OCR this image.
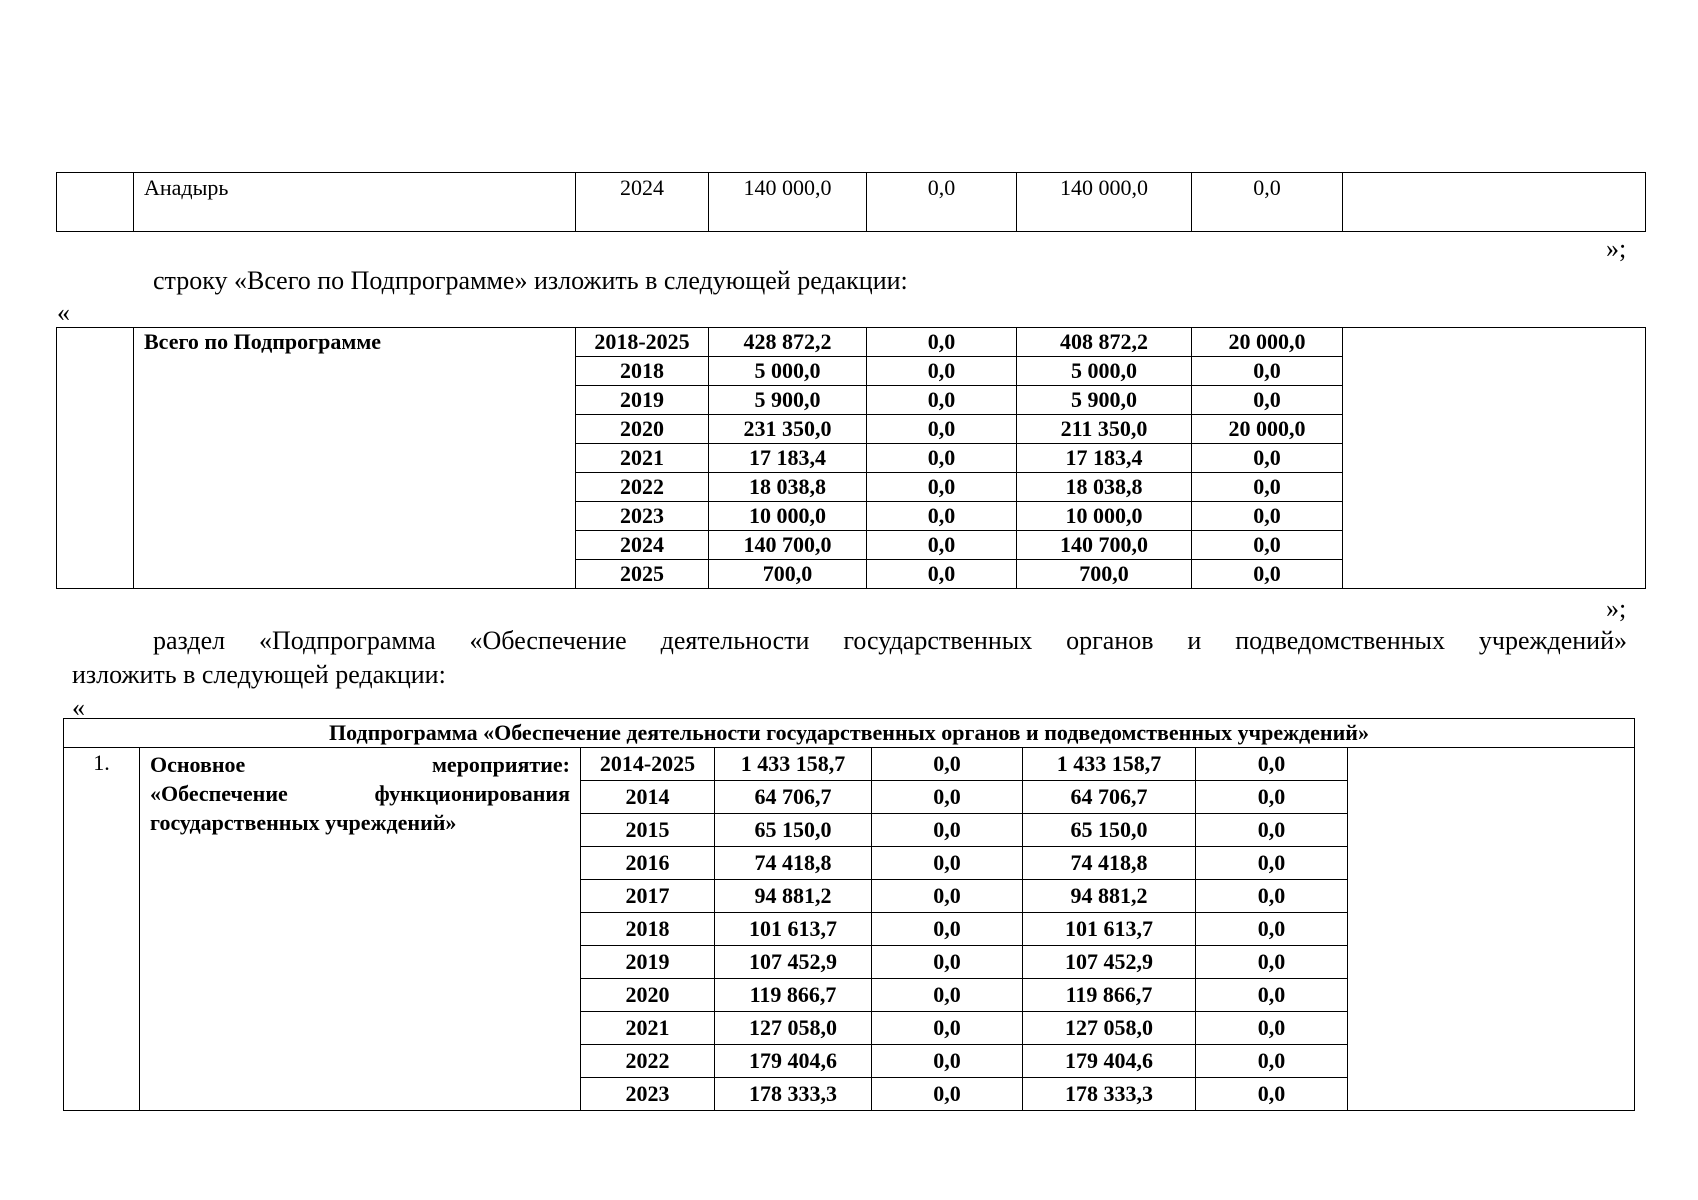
	Анадырь	2024	140 000,0	0,0	140 000,0	0,0	
»;
строку «Всего по Подпрограмме» изложить в следующей редакции:
«
	Всего по Подпрограмме	2018-2025	428 872,2	0,0	408 872,2	20 000,0	
		2018	5 000,0	0,0	5 000,0	0,0	
		2019	5 900,0	0,0	5 900,0	0,0	
		2020	231 350,0	0,0	211 350,0	20 000,0	
		2021	17 183,4	0,0	17 183,4	0,0	
		2022	18 038,8	0,0	18 038,8	0,0	
		2023	10 000,0	0,0	10 000,0	0,0	
		2024	140 700,0	0,0	140 700,0	0,0	
		2025	700,0	0,0	700,0	0,0	
»;
раздел «Подпрограмма «Обеспечение деятельности государственных органов и подведомственных учреждений»
изложить в следующей редакции:
«
Подпрограмма «Обеспечение деятельности государственных органов и подведомственных учреждений»							
1.	Основное мероприятие:
«Обеспечение функционирования
государственных учреждений»	2014-2025	1 433 158,7	0,0	1 433 158,7	0,0	
		2014	64 706,7	0,0	64 706,7	0,0	
		2015	65 150,0	0,0	65 150,0	0,0	
		2016	74 418,8	0,0	74 418,8	0,0	
		2017	94 881,2	0,0	94 881,2	0,0	
		2018	101 613,7	0,0	101 613,7	0,0	
		2019	107 452,9	0,0	107 452,9	0,0	
		2020	119 866,7	0,0	119 866,7	0,0	
		2021	127 058,0	0,0	127 058,0	0,0	
		2022	179 404,6	0,0	179 404,6	0,0	
		2023	178 333,3	0,0	178 333,3	0,0	
